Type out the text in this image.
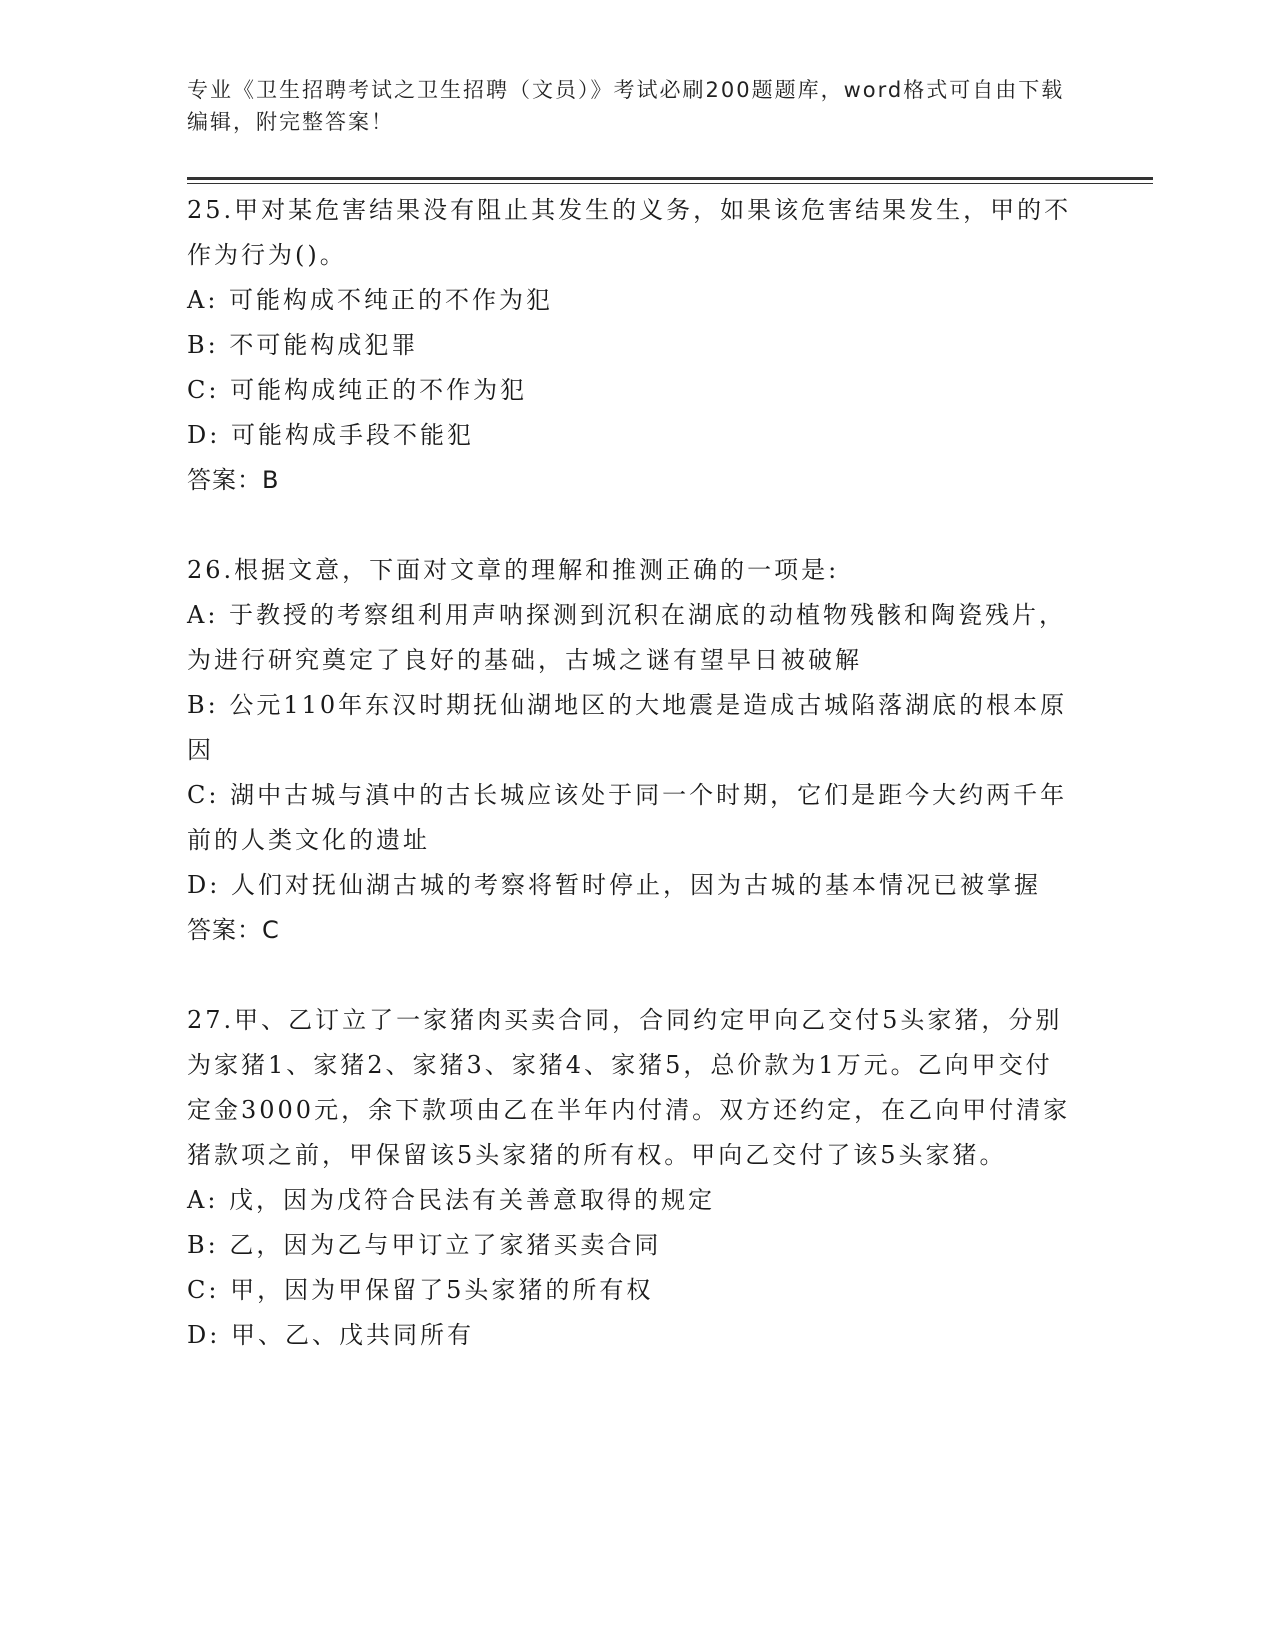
专业《卫生招聘考试之卫生招聘（文员）》考试必刷200题题库，word格式可自由下载编辑，附完整答案！

25.甲对某危害结果没有阻止其发生的义务，如果该危害结果发生，甲的不作为行为()。

A: 可能构成不纯正的不作为犯

B: 不可能构成犯罪

C: 可能构成纯正的不作为犯

D: 可能构成手段不能犯

答案：B

26.根据文意，下面对文章的理解和推测正确的一项是:

A: 于教授的考察组利用声呐探测到沉积在湖底的动植物残骸和陶瓷残片，为进行研究奠定了良好的基础，古城之谜有望早日被破解

B: 公元110年东汉时期抚仙湖地区的大地震是造成古城陷落湖底的根本原因

C: 湖中古城与滇中的古长城应该处于同一个时期，它们是距今大约两千年前的人类文化的遗址

D: 人们对抚仙湖古城的考察将暂时停止，因为古城的基本情况已被掌握

答案：C

27.甲、乙订立了一家猪肉买卖合同，合同约定甲向乙交付5头家猪，分别为家猪1、家猪2、家猪3、家猪4、家猪5，总价款为1万元。乙向甲交付定金3000元，余下款项由乙在半年内付清。双方还约定，在乙向甲付清家猪款项之前，甲保留该5头家猪的所有权。甲向乙交付了该5头家猪。

A: 戊，因为戊符合民法有关善意取得的规定

B: 乙，因为乙与甲订立了家猪买卖合同

C: 甲，因为甲保留了5头家猪的所有权

D: 甲、乙、戊共同所有
